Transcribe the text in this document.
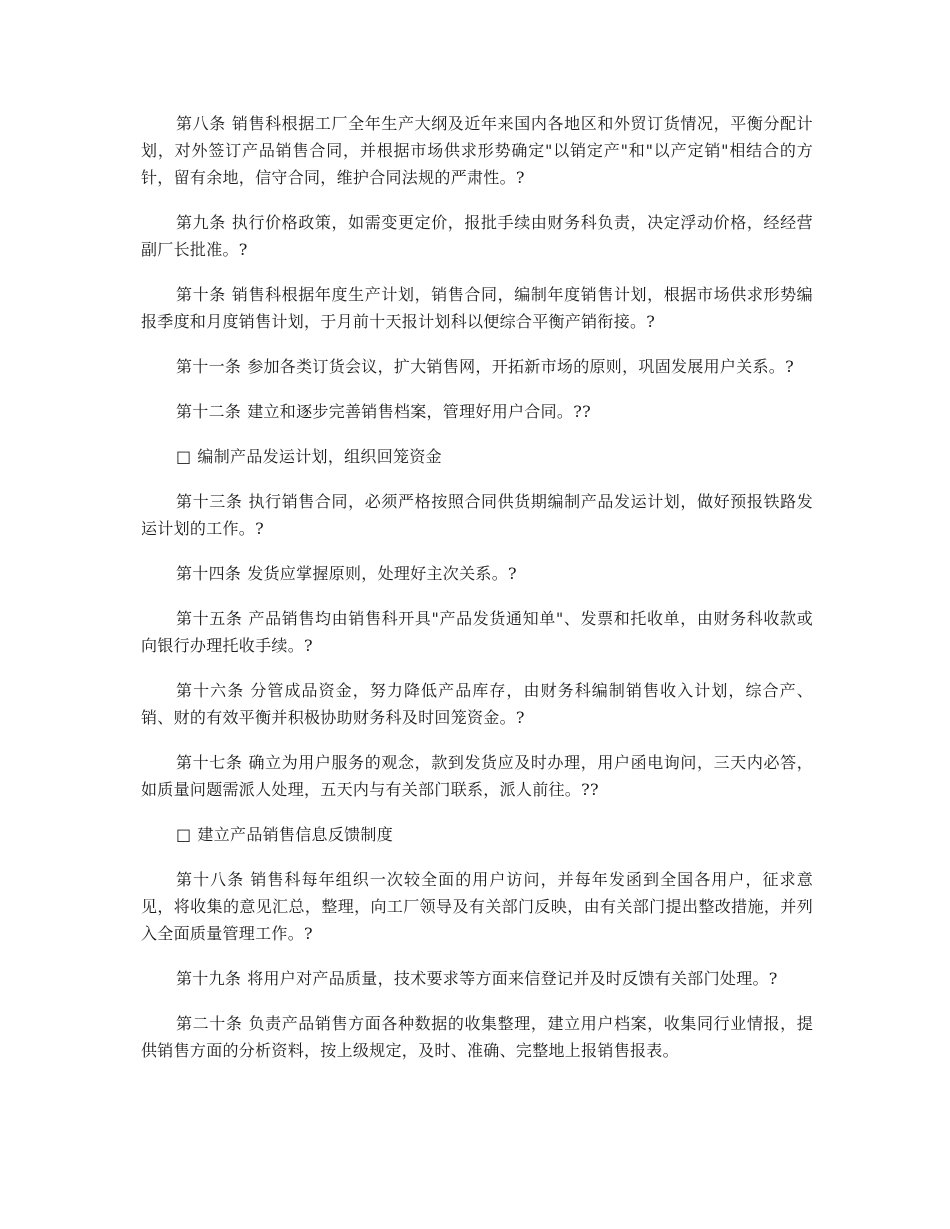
第八条 销售科根据工厂全年生产大纲及近年来国内各地区和外贸订货情况，平衡分配计划，对外签订产品销售合同，并根据市场供求形势确定"以销定产"和"以产定销"相结合的方针，留有余地，信守合同，维护合同法规的严肃性。?

第九条 执行价格政策，如需变更定价，报批手续由财务科负责，决定浮动价格，经经营副厂长批准。?

第十条 销售科根据年度生产计划，销售合同，编制年度销售计划，根据市场供求形势编报季度和月度销售计划，于月前十天报计划科以便综合平衡产销衔接。?

第十一条 参加各类订货会议，扩大销售网，开拓新市场的原则，巩固发展用户关系。?

第十二条 建立和逐步完善销售档案，管理好用户合同。??

□ 编制产品发运计划，组织回笼资金

第十三条 执行销售合同，必须严格按照合同供货期编制产品发运计划，做好预报铁路发运计划的工作。?

第十四条 发货应掌握原则，处理好主次关系。?

第十五条 产品销售均由销售科开具"产品发货通知单"、发票和托收单，由财务科收款或向银行办理托收手续。?

第十六条 分管成品资金，努力降低产品库存，由财务科编制销售收入计划，综合产、销、财的有效平衡并积极协助财务科及时回笼资金。?

第十七条 确立为用户服务的观念，款到发货应及时办理，用户函电询问，三天内必答，如质量问题需派人处理，五天内与有关部门联系，派人前往。??

□ 建立产品销售信息反馈制度

第十八条 销售科每年组织一次较全面的用户访问，并每年发函到全国各用户，征求意见，将收集的意见汇总，整理，向工厂领导及有关部门反映，由有关部门提出整改措施，并列入全面质量管理工作。?

第十九条 将用户对产品质量，技术要求等方面来信登记并及时反馈有关部门处理。?

第二十条 负责产品销售方面各种数据的收集整理，建立用户档案，收集同行业情报，提供销售方面的分析资料，按上级规定，及时、准确、完整地上报销售报表。
